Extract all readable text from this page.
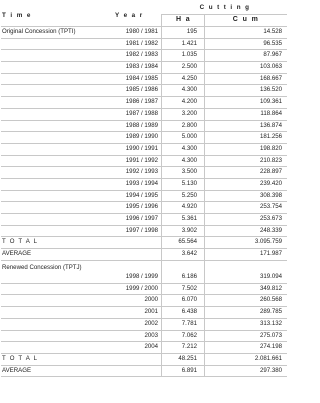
T i m e	Y e a r
C u t t i n g
H a	C u m
Original Concession (TPTI)	1980 / 1981	195	14.528
1981 / 1982	1.421	96.535
1982 / 1983	1.035	87.967
1983 / 1984	2.500	103.063
1984 / 1985	4.250	168.667
1985 / 1986	4.300	136.520
1986 / 1987	4.200	109.361
1987 / 1988	3.200	118.864
1988 / 1989	2.800	136.874
1989 / 1990	5.000	181.256
1990 / 1991	4.300	198.820
1991 / 1992	4.300	210.823
1992 / 1993	3.500	228.897
1993 / 1994	5.130	239.420
1994 / 1995	5.250	308.398
1995 / 1996	4.920	253.754
1996 / 1997	5.361	253.673
1997 / 1998	3.902	248.339
T O T A L	65.564	3.095.759
AVERAGE	3.642	171.987
Renewed Concession (TPTJ)
1998 / 1999	6.186	319.094
1999 / 2000	7.502	349.812
2000	6.070	260.568
2001	6.438	289.785
2002	7.781	313.132
2003	7.062	275.073
2004	7.212	274.198
T O T A L	48.251	2.081.661
AVERAGE	6.891	297.380
